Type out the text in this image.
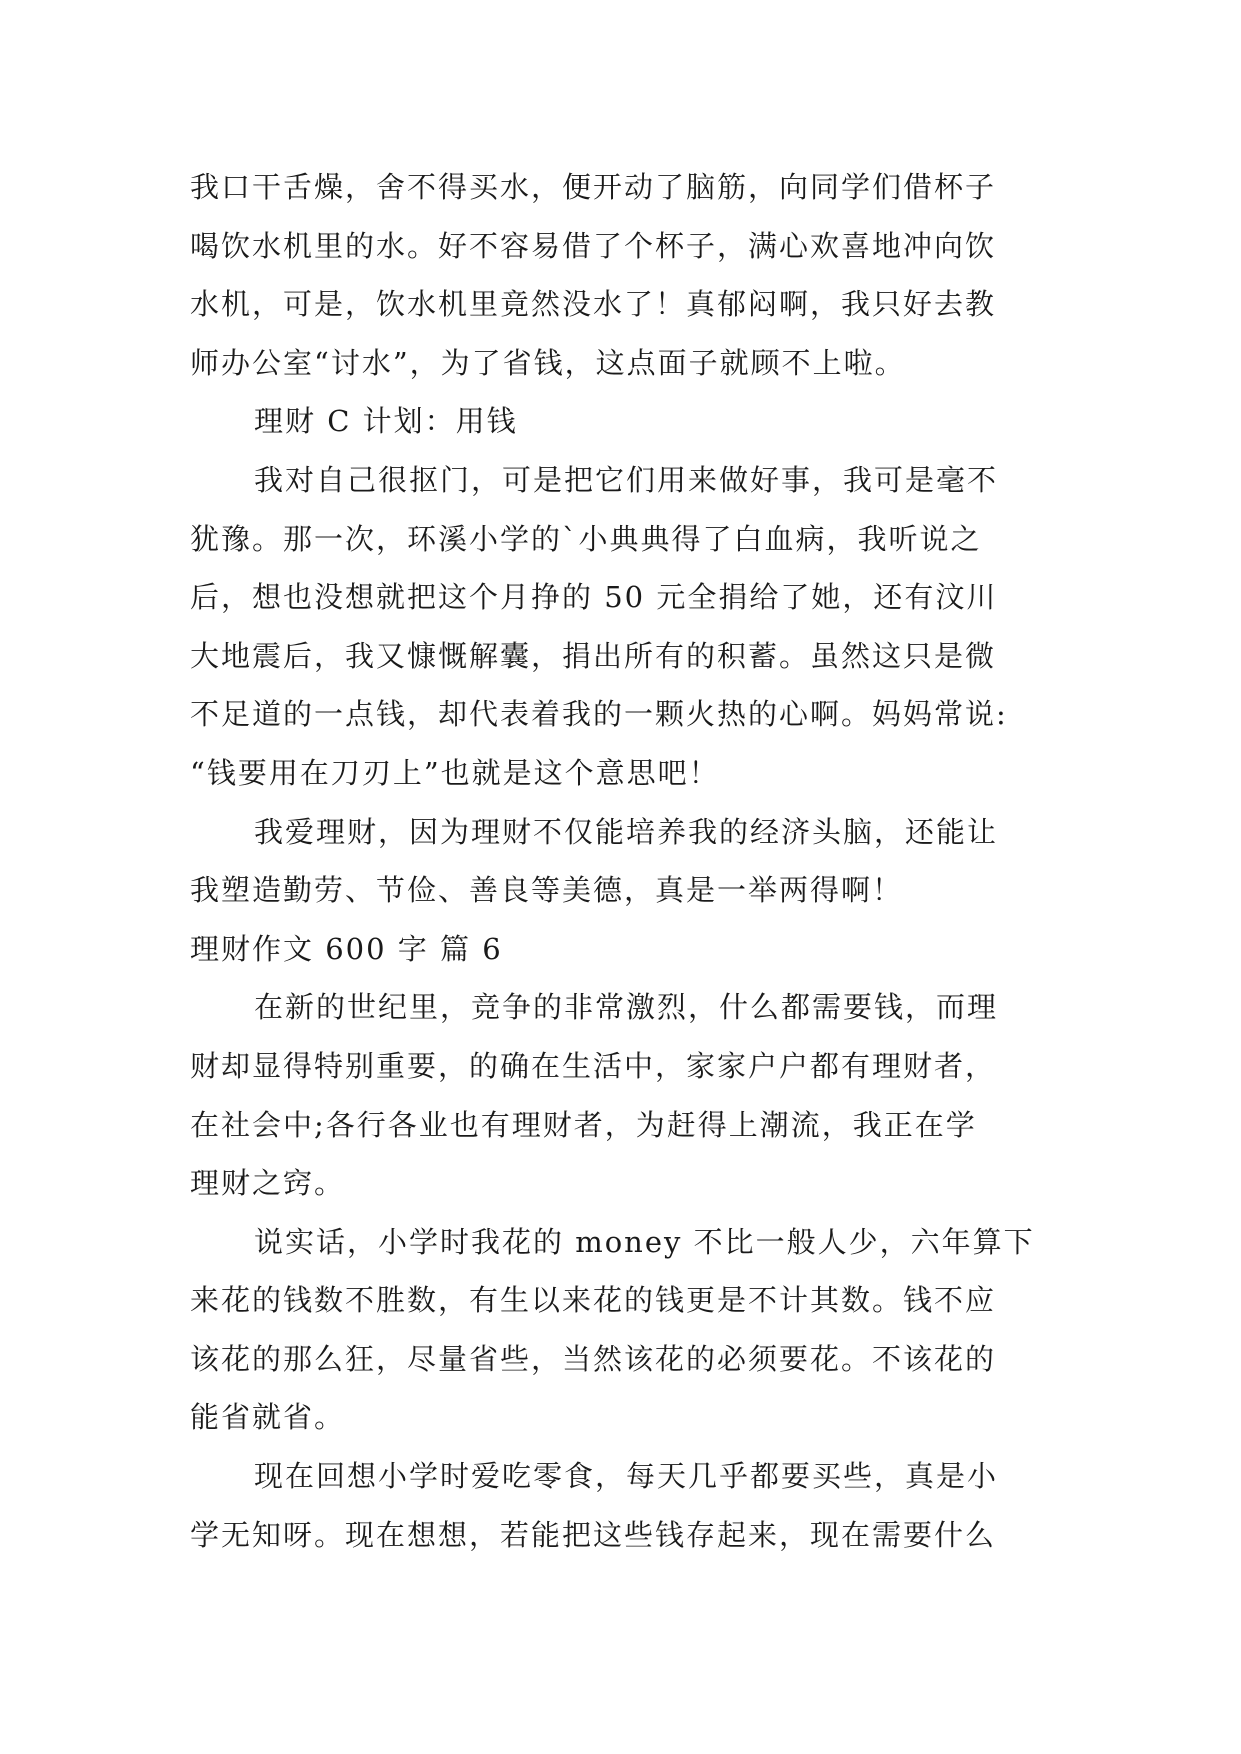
我口干舌燥，舍不得买水，便开动了脑筋，向同学们借杯子
喝饮水机里的水。好不容易借了个杯子，满心欢喜地冲向饮
水机，可是，饮水机里竟然没水了！真郁闷啊，我只好去教
师办公室“讨水”，为了省钱，这点面子就顾不上啦。
理财 C 计划：用钱
我对自己很抠门，可是把它们用来做好事，我可是毫不
犹豫。那一次，环溪小学的`小典典得了白血病，我听说之
后，想也没想就把这个月挣的 50 元全捐给了她，还有汶川
大地震后，我又慷慨解囊，捐出所有的积蓄。虽然这只是微
不足道的一点钱，却代表着我的一颗火热的心啊。妈妈常说:
“钱要用在刀刃上”也就是这个意思吧！
我爱理财，因为理财不仅能培养我的经济头脑，还能让
我塑造勤劳、节俭、善良等美德，真是一举两得啊！
理财作文 600 字 篇 6
在新的世纪里，竞争的非常激烈，什么都需要钱，而理
财却显得特别重要，的确在生活中，家家户户都有理财者，
在社会中;各行各业也有理财者，为赶得上潮流，我正在学
理财之窍。
说实话，小学时我花的 money 不比一般人少，六年算下
来花的钱数不胜数，有生以来花的钱更是不计其数。钱不应
该花的那么狂，尽量省些，当然该花的必须要花。不该花的
能省就省。
现在回想小学时爱吃零食，每天几乎都要买些，真是小
学无知呀。现在想想，若能把这些钱存起来，现在需要什么
